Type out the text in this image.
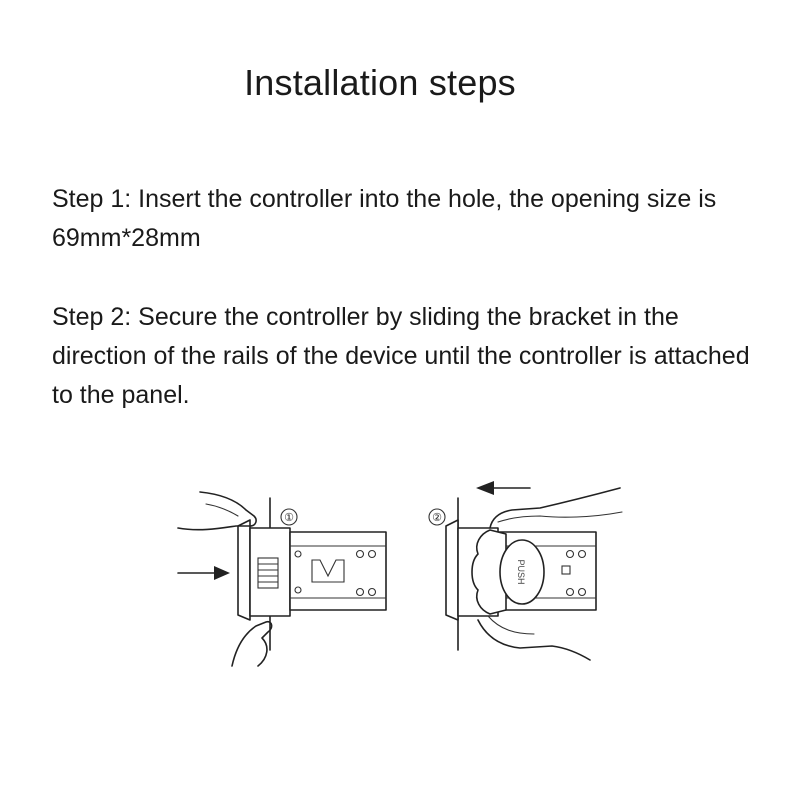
Installation steps

Step 1: Insert the controller into the hole, the opening size is 69mm*28mm

Step 2: Secure the controller by sliding the bracket in the direction of the rails of the device until the controller is attached to the panel.

①	②
PUSH
